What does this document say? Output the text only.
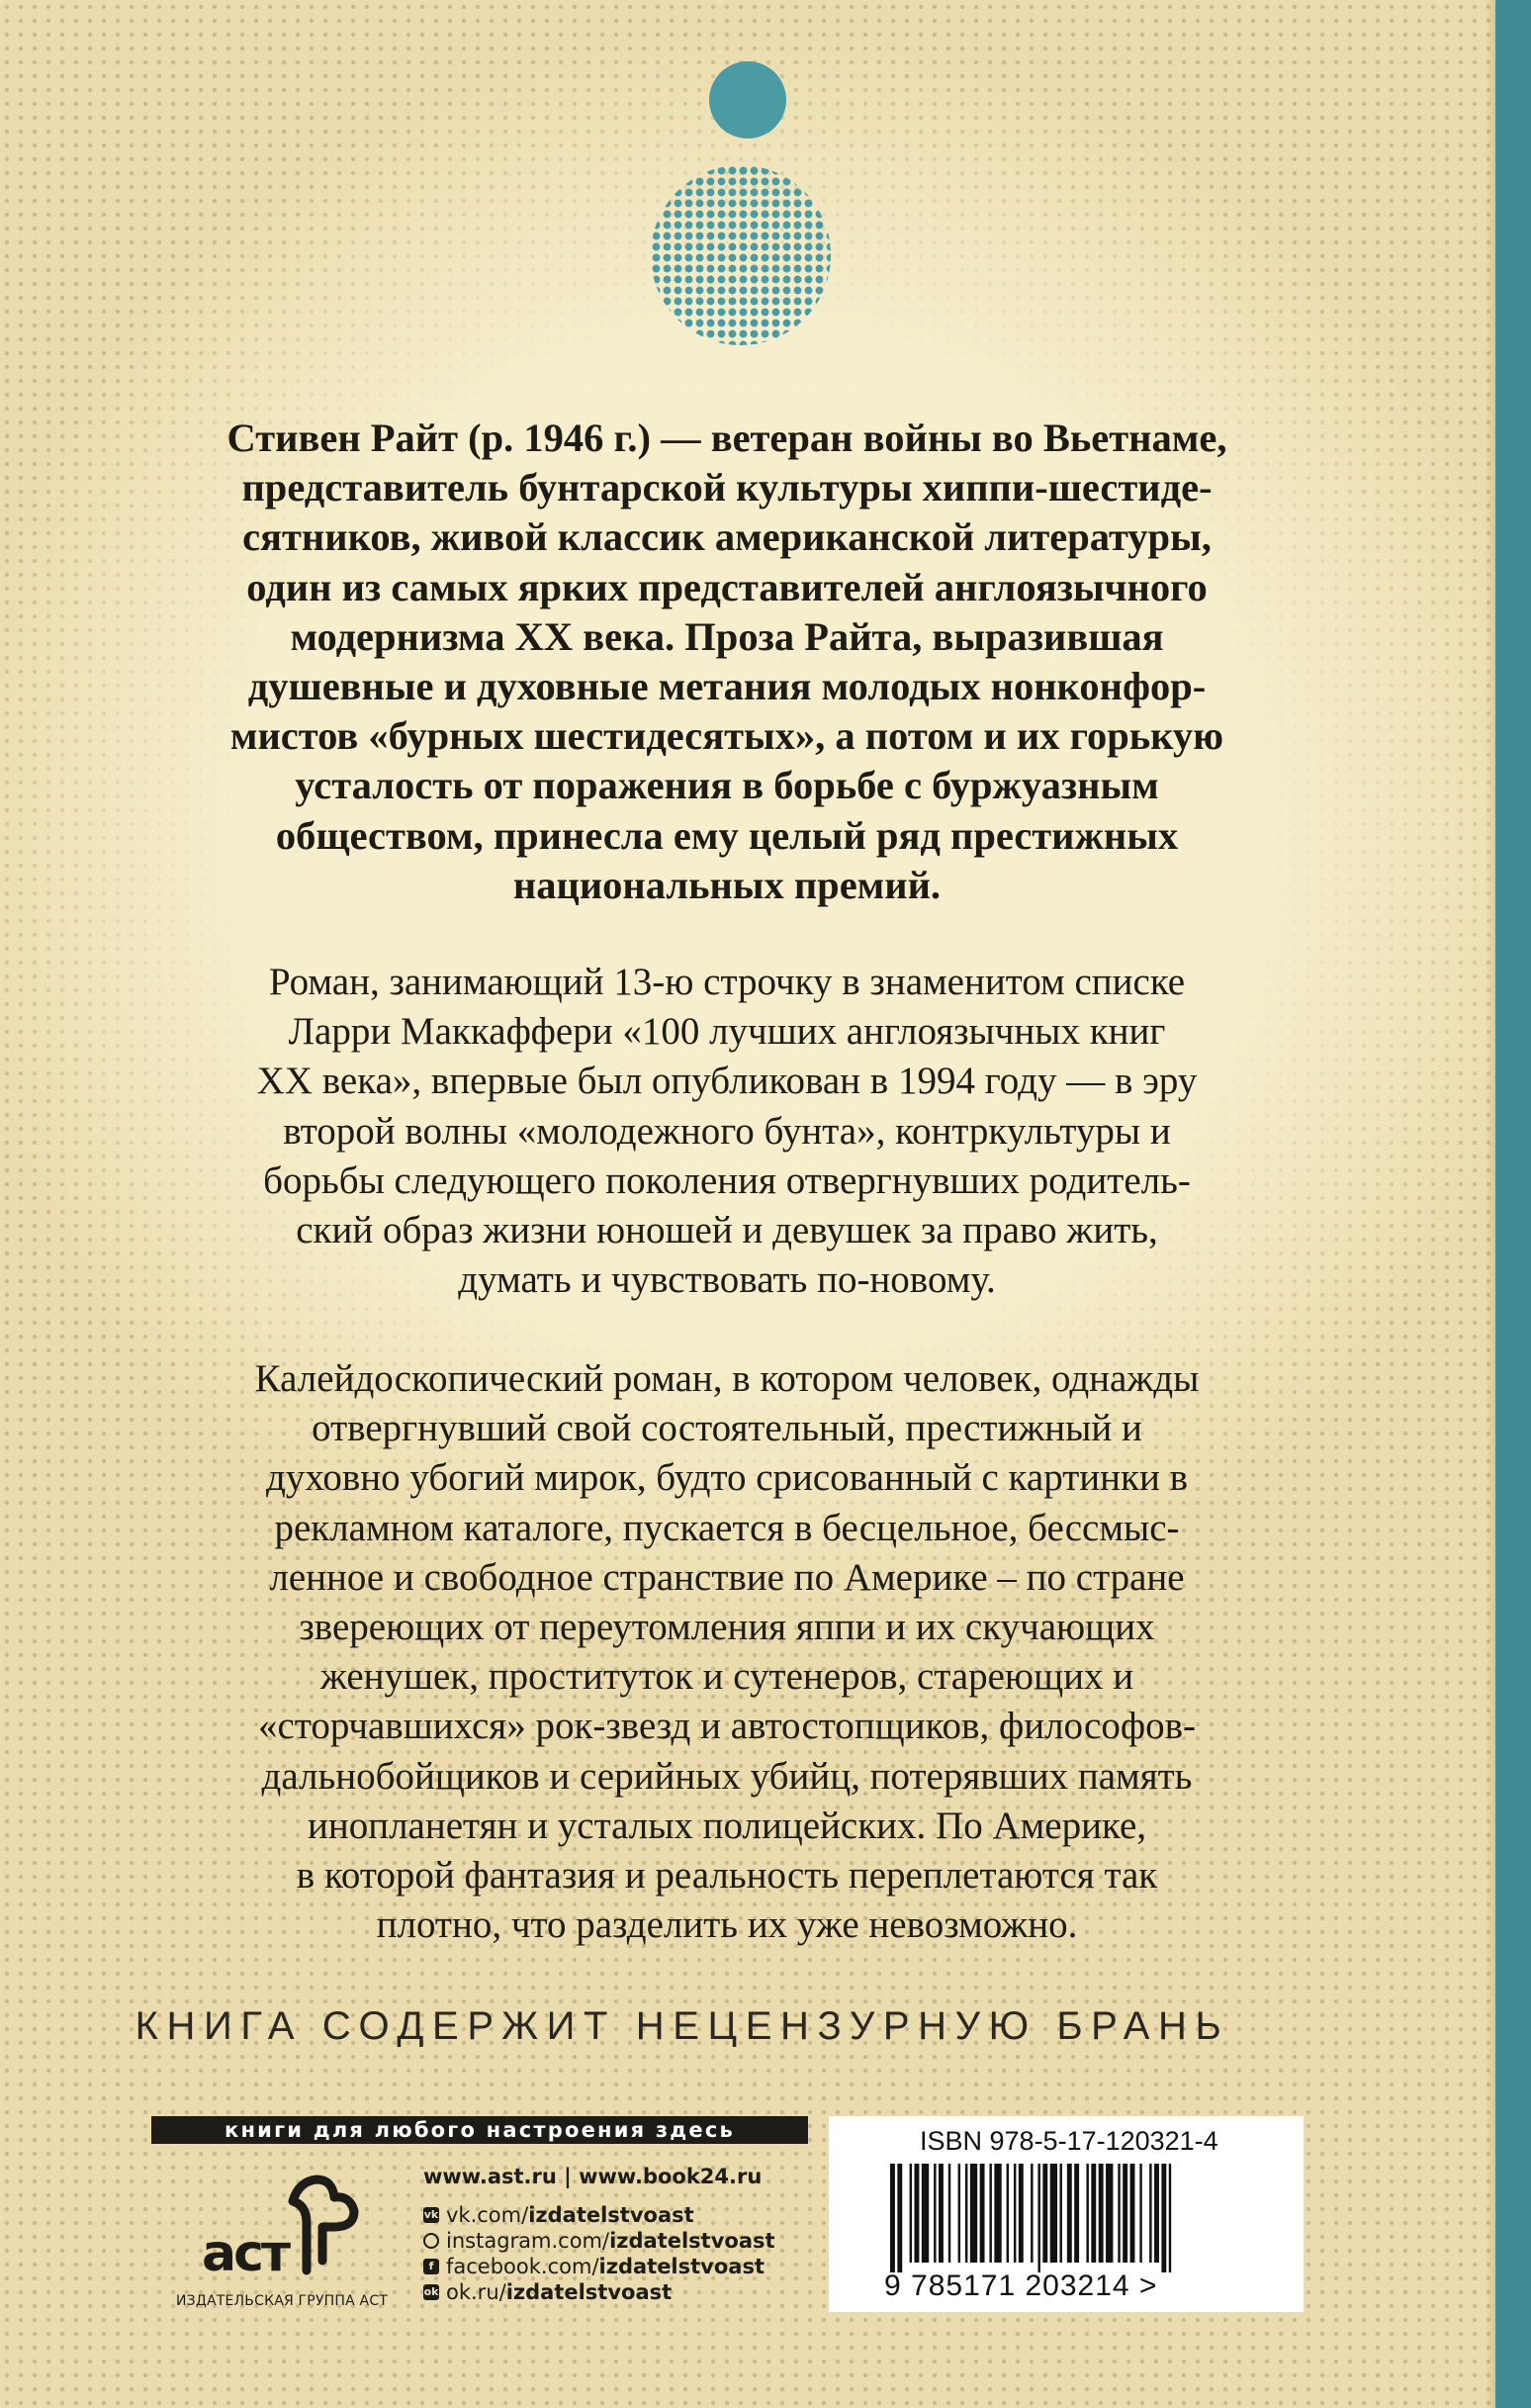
Стивен Райт (р. 1946 г.) — ветеран войны во Вьетнаме,
представитель бунтарской культуры хиппи-шестиде-
сятников, живой классик американской литературы,
один из самых ярких представителей англоязычного
модернизма XX века. Проза Райта, выразившая
душевные и духовные метания молодых нонконфор-
мистов «бурных шестидесятых», а потом и их горькую
усталость от поражения в борьбе с буржуазным
обществом, принесла ему целый ряд престижных
национальных премий.
Роман, занимающий 13-ю строчку в знаменитом списке
Ларри Маккаффери «100 лучших англоязычных книг
XX века», впервые был опубликован в 1994 году — в эру
второй волны «молодежного бунта», контркультуры и
борьбы следующего поколения отвергнувших родитель-
ский образ жизни юношей и девушек за право жить,
думать и чувствовать по-новому.
Калейдоскопический роман, в котором человек, однажды
отвергнувший свой состоятельный, престижный и
духовно убогий мирок, будто срисованный с картинки в
рекламном каталоге, пускается в бесцельное, бессмыс-
ленное и свободное странствие по Америке – по стране
звереющих от переутомления яппи и их скучающих
женушек, проституток и сутенеров, стареющих и
«сторчавшихся» рок-звезд и автостопщиков, философов-
дальнобойщиков и серийных убийц, потерявших память
инопланетян и усталых полицейских. По Америке,
в которой фантазия и реальность переплетаются так
плотно, что разделить их уже невозможно.
КНИГА СОДЕРЖИТ НЕЦЕНЗУРНУЮ БРАНЬ
книги для любого настроения здесь
аст
ИЗДАТЕЛЬСКАЯ ГРУППА АСТ
www.ast.ru | www.book24.ru
vk vk.com/ izdatelstvoast
instagram.com/ izdatelstvoast
f facebook.com/ izdatelstvoast
ok ok.ru/ izdatelstvoast
ISBN 978-5-17-120321-4
9 785171 203214 >
